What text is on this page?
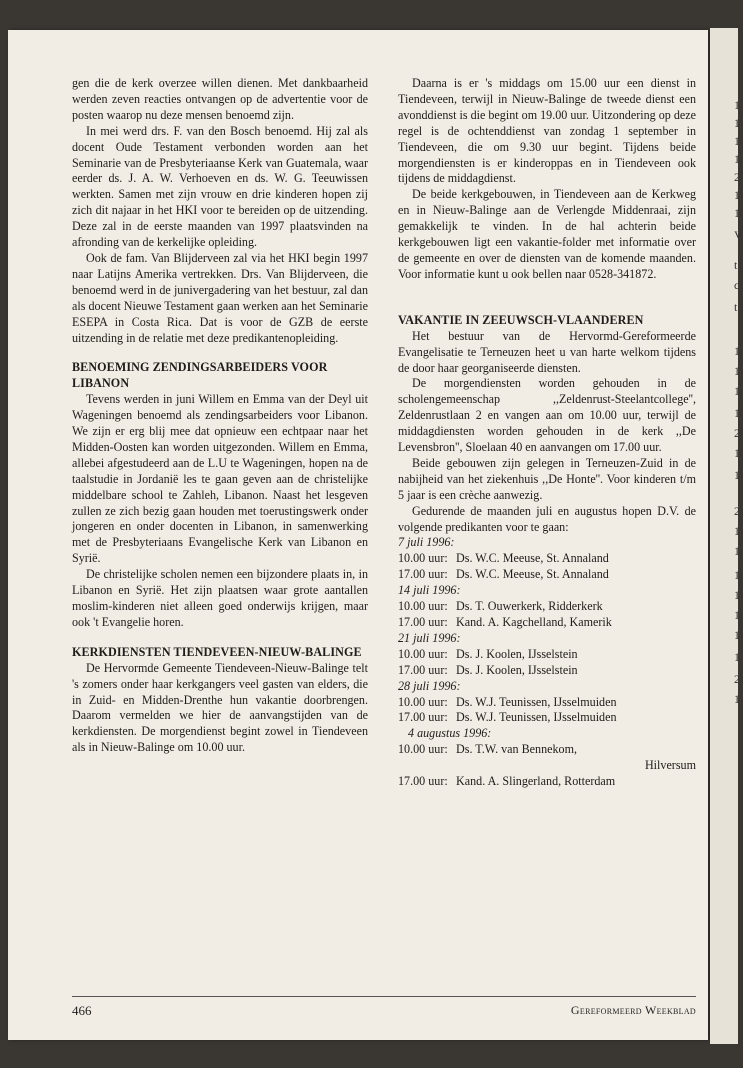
1
1
1
1
2
1
1
V
t
c
t
1
1
1
1
2
1
1
2
1
1
1
1
1
1
1
2
1

gen die de kerk overzee willen dienen. Met dankbaarheid werden zeven reacties ontvangen op de advertentie voor de posten waarop nu deze mensen benoemd zijn.

In mei werd drs. F. van den Bosch benoemd. Hij zal als docent Oude Testament verbonden worden aan het Seminarie van de Presbyteriaanse Kerk van Guatemala, waar eerder ds. J. A. W. Verhoeven en ds. W. G. Teeuwissen werkten. Samen met zijn vrouw en drie kinderen hopen zij zich dit najaar in het HKI voor te bereiden op de uitzending. Deze zal in de eerste maanden van 1997 plaatsvinden na afronding van de kerkelijke opleiding.

Ook de fam. Van Blijderveen zal via het HKI begin 1997 naar Latijns Amerika vertrekken. Drs. Van Blijderveen, die benoemd werd in de junivergadering van het bestuur, zal dan als docent Nieuwe Testament gaan werken aan het Seminarie ESEPA in Costa Rica. Dat is voor de GZB de eerste uitzending in de relatie met deze predikantenopleiding.

BENOEMING ZENDINGSARBEIDERS VOOR LIBANON

Tevens werden in juni Willem en Emma van der Deyl uit Wageningen benoemd als zendingsarbeiders voor Libanon. We zijn er erg blij mee dat opnieuw een echtpaar naar het Midden-Oosten kan worden uitgezonden. Willem en Emma, allebei afgestudeerd aan de L.U te Wageningen, hopen na de taalstudie in Jordanië les te gaan geven aan de christelijke middelbare school te Zahleh, Libanon. Naast het lesgeven zullen ze zich bezig gaan houden met toerustingswerk onder jongeren en onder docenten in Libanon, in samenwerking met de Presbyteriaans Evangelische Kerk van Libanon en Syrië.

De christelijke scholen nemen een bijzondere plaats in, in Libanon en Syrië. Het zijn plaatsen waar grote aantallen moslim-kinderen niet alleen goed onderwijs krijgen, maar ook 't Evangelie horen.

KERKDIENSTEN TIENDEVEEN-NIEUW-BALINGE

De Hervormde Gemeente Tiendeveen-Nieuw-Balinge telt 's zomers onder haar kerkgangers veel gasten van elders, die in Zuid- en Midden-Drenthe hun vakantie doorbrengen. Daarom vermelden we hier de aanvangstijden van de kerkdiensten. De morgendienst begint zowel in Tiendeveen als in Nieuw-Balinge om 10.00 uur.

Daarna is er 's middags om 15.00 uur een dienst in Tiendeveen, terwijl in Nieuw-Balinge de tweede dienst een avonddienst is die begint om 19.00 uur. Uitzondering op deze regel is de ochtenddienst van zondag 1 september in Tiendeveen, die om 9.30 uur begint. Tijdens beide morgendiensten is er kinderoppas en in Tiendeveen ook tijdens de middagdienst.

De beide kerkgebouwen, in Tiendeveen aan de Kerkweg en in Nieuw-Balinge aan de Verlengde Middenraai, zijn gemakkelijk te vinden. In de hal achterin beide kerkgebouwen ligt een vakantie-folder met informatie over de gemeente en over de diensten van de komende maanden. Voor informatie kunt u ook bellen naar 0528-341872.

VAKANTIE IN ZEEUWSCH-VLAANDEREN

Het bestuur van de Hervormd-Gereformeerde Evangelisatie te Terneuzen heet u van harte welkom tijdens de door haar georganiseerde diensten.

De morgendiensten worden gehouden in de scholengemeenschap ,,Zeldenrust-Steelantcollege'', Zeldenrustlaan 2 en vangen aan om 10.00 uur, terwijl de middagdiensten worden gehouden in de kerk ,,De Levensbron'', Sloelaan 40 en aanvangen om 17.00 uur.

Beide gebouwen zijn gelegen in Terneuzen-Zuid in de nabijheid van het ziekenhuis ,,De Honte''. Voor kinderen t/m 5 jaar is een crèche aanwezig.

Gedurende de maanden juli en augustus hopen D.V. de volgende predikanten voor te gaan:

7 juli 1996:
10.00 uur: Ds. W.C. Meeuse, St. Annaland
17.00 uur: Ds. W.C. Meeuse, St. Annaland
14 juli 1996:
10.00 uur: Ds. T. Ouwerkerk, Ridderkerk
17.00 uur: Kand. A. Kagchelland, Kamerik
21 juli 1996:
10.00 uur: Ds. J. Koolen, IJsselstein
17.00 uur: Ds. J. Koolen, IJsselstein
28 juli 1996:
10.00 uur: Ds. W.J. Teunissen, IJsselmuiden
17.00 uur: Ds. W.J. Teunissen, IJsselmuiden
4 augustus 1996:
10.00 uur: Ds. T.W. van Bennekom,
Hilversum
17.00 uur: Kand. A. Slingerland, Rotterdam
466	Gereformeerd Weekblad
